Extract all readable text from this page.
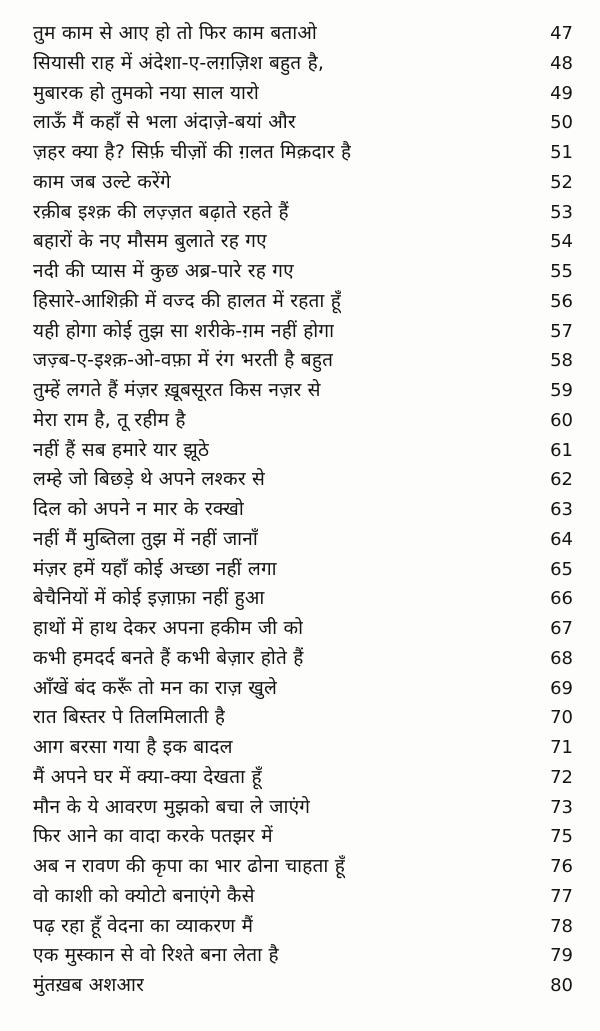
तुम काम से आए हो तो फिर काम बताओ	47
सियासी राह में अंदेशा-ए-लग़ज़िश बहुत है,	48
मुबारक हो तुमको नया साल यारो	49
लाऊँ मैं कहाँ से भला अंदाज़े-बयां और	50
ज़हर क्या है? सिर्फ़ चीज़ों की ग़लत मिक़दार है	51
काम जब उल्टे करेंगे	52
रक़ीब इश्क़ की लज़्ज़त बढ़ाते रहते हैं	53
बहारों के नए मौसम बुलाते रह गए	54
नदी की प्यास में कुछ अब्र-पारे रह गए	55
हिसारे-आशिक़ी में वज्द की हालत में रहता हूँ	56
यही होगा कोई तुझ सा शरीके-ग़म नहीं होगा	57
जज़्ब-ए-इश्क़-ओ-वफ़ा में रंग भरती है बहुत	58
तुम्हें लगते हैं मंज़र ख़ूबसूरत किस नज़र से	59
मेरा राम है, तू रहीम है	60
नहीं हैं सब हमारे यार झूठे	61
लम्हे जो बिछड़े थे अपने लश्कर से	62
दिल को अपने न मार के रक्खो	63
नहीं मैं मुब्तिला तुझ में नहीं जानाँ	64
मंज़र हमें यहाँ कोई अच्छा नहीं लगा	65
बेचैनियों में कोई इज़ाफ़ा नहीं हुआ	66
हाथों में हाथ देकर अपना हकीम जी को	67
कभी हमदर्द बनते हैं कभी बेज़ार होते हैं	68
आँखें बंद करूँ तो मन का राज़ खुले	69
रात बिस्तर पे तिलमिलाती है	70
आग बरसा गया है इक बादल	71
मैं अपने घर में क्या-क्या देखता हूँ	72
मौन के ये आवरण मुझको बचा ले जाएंगे	73
फिर आने का वादा करके पतझर में	75
अब न रावण की कृपा का भार ढोना चाहता हूँ	76
वो काशी को क्योटो बनाएंगे कैसे	77
पढ़ रहा हूँ वेदना का व्याकरण मैं	78
एक मुस्कान से वो रिश्ते बना लेता है	79
मुंतख़ब अशआर	80
